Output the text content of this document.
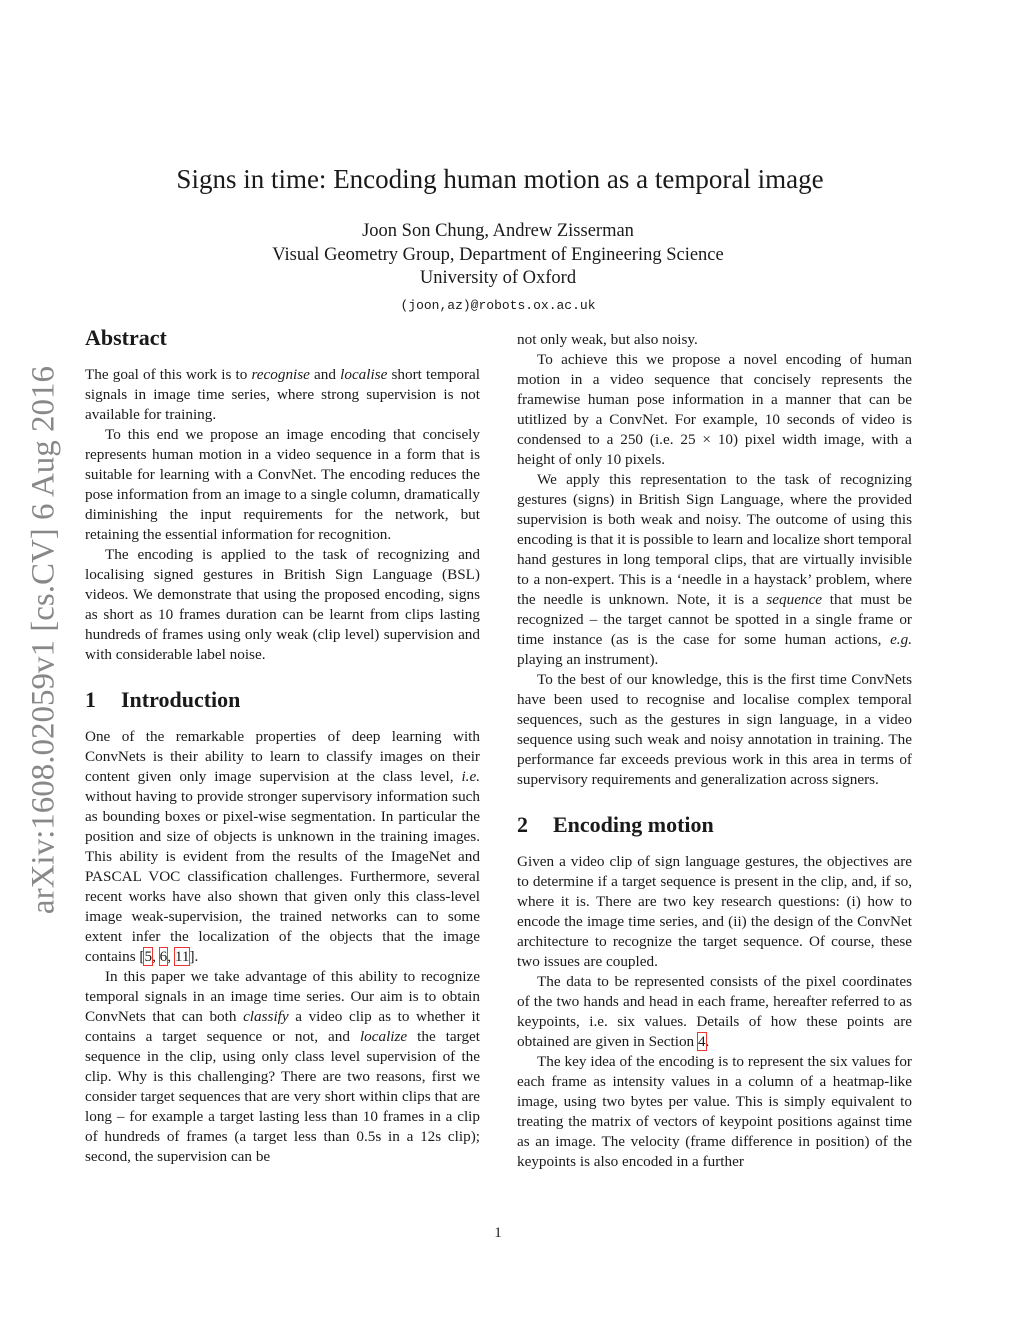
arXiv:1608.02059v1 [cs.CV] 6 Aug 2016
Signs in time: Encoding human motion as a temporal image
Joon Son Chung, Andrew Zisserman
Visual Geometry Group, Department of Engineering Science
University of Oxford
(joon,az)@robots.ox.ac.uk
Abstract

The goal of this work is to recognise and localise short temporal signals in image time series, where strong supervision is not available for training.

To this end we propose an image encoding that concisely represents human motion in a video sequence in a form that is suitable for learning with a ConvNet. The encoding reduces the pose information from an image to a single column, dramatically diminishing the input requirements for the network, but retaining the essential information for recognition.

The encoding is applied to the task of recognizing and localising signed gestures in British Sign Language (BSL) videos. We demonstrate that using the proposed encoding, signs as short as 10 frames duration can be learnt from clips lasting hundreds of frames using only weak (clip level) supervision and with considerable label noise.

1 Introduction

One of the remarkable properties of deep learning with ConvNets is their ability to learn to classify images on their content given only image supervision at the class level, i.e. without having to provide stronger supervisory information such as bounding boxes or pixel-wise segmentation. In particular the position and size of objects is unknown in the training images. This ability is evident from the results of the ImageNet and PASCAL VOC classification challenges. Furthermore, several recent works have also shown that given only this class-level image weak-supervision, the trained networks can to some extent infer the localization of the objects that the image contains [5, 6, 11].

In this paper we take advantage of this ability to recognize temporal signals in an image time series. Our aim is to obtain ConvNets that can both classify a video clip as to whether it contains a target sequence or not, and localize the target sequence in the clip, using only class level supervision of the clip. Why is this challenging? There are two reasons, first we consider target sequences that are very short within clips that are long – for example a target lasting less than 10 frames in a clip of hundreds of frames (a target less than 0.5s in a 12s clip); second, the supervision can be

not only weak, but also noisy.

To achieve this we propose a novel encoding of human motion in a video sequence that concisely represents the framewise human pose information in a manner that can be utitlized by a ConvNet. For example, 10 seconds of video is condensed to a 250 (i.e. 25 × 10) pixel width image, with a height of only 10 pixels.

We apply this representation to the task of recognizing gestures (signs) in British Sign Language, where the provided supervision is both weak and noisy. The outcome of using this encoding is that it is possible to learn and localize short temporal hand gestures in long temporal clips, that are virtually invisible to a non-expert. This is a ‘needle in a haystack’ problem, where the needle is unknown. Note, it is a sequence that must be recognized – the target cannot be spotted in a single frame or time instance (as is the case for some human actions, e.g. playing an instrument).

To the best of our knowledge, this is the first time ConvNets have been used to recognise and localise complex temporal sequences, such as the gestures in sign language, in a video sequence using such weak and noisy annotation in training. The performance far exceeds previous work in this area in terms of supervisory requirements and generalization across signers.

2 Encoding motion

Given a video clip of sign language gestures, the objectives are to determine if a target sequence is present in the clip, and, if so, where it is. There are two key research questions: (i) how to encode the image time series, and (ii) the design of the ConvNet architecture to recognize the target sequence. Of course, these two issues are coupled.

The data to be represented consists of the pixel coordinates of the two hands and head in each frame, hereafter referred to as keypoints, i.e. six values. Details of how these points are obtained are given in Section 4.

The key idea of the encoding is to represent the six values for each frame as intensity values in a column of a heatmap-like image, using two bytes per value. This is simply equivalent to treating the matrix of vectors of keypoint positions against time as an image. The velocity (frame difference in position) of the keypoints is also encoded in a further

1
